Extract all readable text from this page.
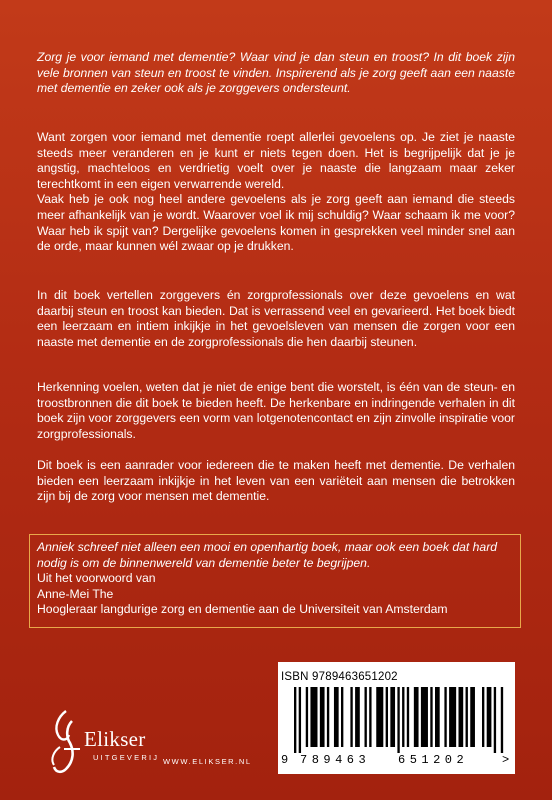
Zorg je voor iemand met dementie? Waar vind je dan steun en troost? In dit boek zijn vele bronnen van steun en troost te vinden. Inspirerend als je zorg geeft aan een naaste met dementie en zeker ook als je zorggevers ondersteunt.

Want zorgen voor iemand met dementie roept allerlei gevoelens op. Je ziet je naaste steeds meer veranderen en je kunt er niets tegen doen. Het is begrijpelijk dat je je angstig, machteloos en verdrietig voelt over je naaste die langzaam maar zeker terechtkomt in een eigen verwarrende wereld.

Vaak heb je ook nog heel andere gevoelens als je zorg geeft aan iemand die steeds meer afhankelijk van je wordt. Waarover voel ik mij schuldig? Waar schaam ik me voor? Waar heb ik spijt van? Dergelijke gevoelens komen in gesprekken veel minder snel aan de orde, maar kunnen wél zwaar op je drukken.

In dit boek vertellen zorggevers én zorgprofessionals over deze gevoelens en wat daarbij steun en troost kan bieden. Dat is verrassend veel en gevarieerd. Het boek biedt een leerzaam en intiem inkijkje in het gevoelsleven van mensen die zorgen voor een naaste met dementie en de zorgprofessionals die hen daarbij steunen.

Herkenning voelen, weten dat je niet de enige bent die worstelt, is één van de steun- en troostbronnen die dit boek te bieden heeft. De herkenbare en indringende verhalen in dit boek zijn voor zorggevers een vorm van lotgenotencontact en zijn zinvolle inspiratie voor zorgprofessionals.

Dit boek is een aanrader voor iedereen die te maken heeft met dementie. De verhalen bieden een leerzaam inkijkje in het leven van een variëteit aan mensen die betrokken zijn bij de zorg voor mensen met dementie.

Anniek schreef niet alleen een mooi en openhartig boek, maar ook een boek dat hard nodig is om de binnenwereld van dementie beter te begrijpen.

Uit het voorwoord van

Anne-Mei The

Hoogleraar langdurige zorg en dementie aan de Universiteit van Amsterdam

ISBN 9789463651202
9 789463 651202	>
Elikser
UITGEVERIJ WWW.ELIKSER.NL
